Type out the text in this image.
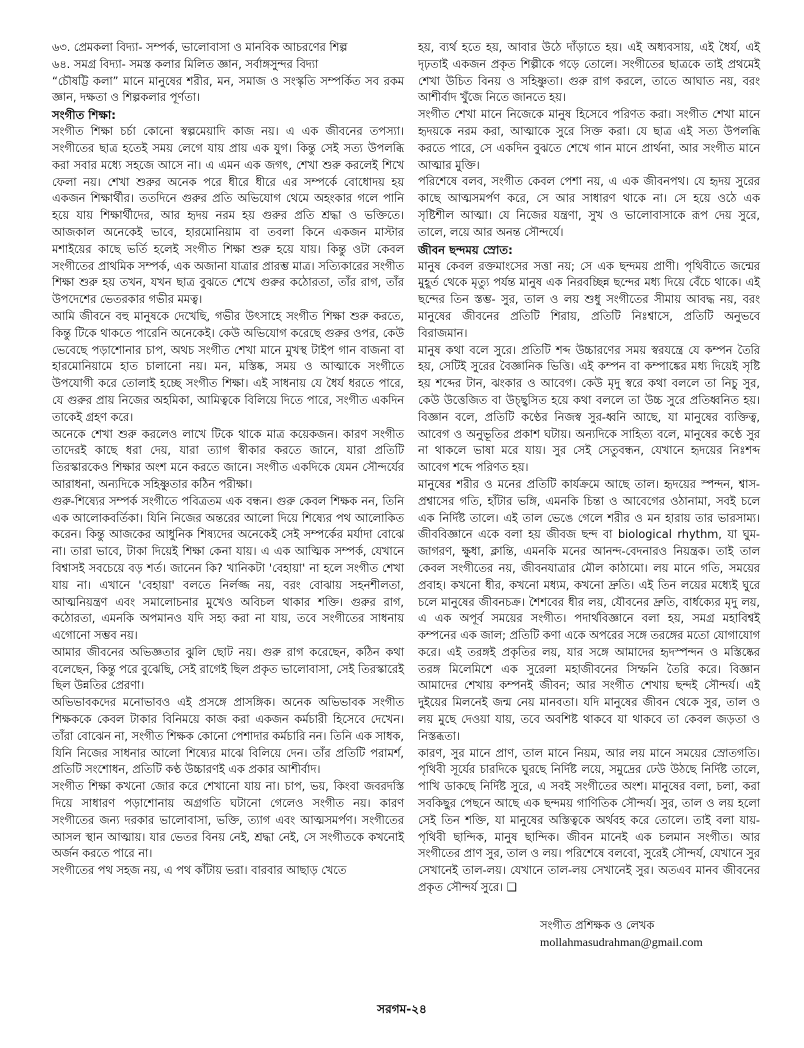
৬৩. প্রেমকলা বিদ্যা- সম্পর্ক, ভালোবাসা ও মানবিক আচরণের শিল্প

৬৪. সমগ্র বিদ্যা- সমস্ত কলার মিলিত জ্ঞান, সর্বাঙ্গসুন্দর বিদ্যা

“চৌষট্টি কলা” মানে মানুষের শরীর, মন, সমাজ ও সংস্কৃতি সম্পর্কিত সব রকম জ্ঞান, দক্ষতা ও শিল্পকলার পূর্ণতা।

সংগীত শিক্ষা:

সংগীত শিক্ষা চর্চা কোনো স্বল্পমেয়াদি কাজ নয়। এ এক জীবনের তপস্যা। সংগীতের ছাত্র হতেই সময় লেগে যায় প্রায় এক যুগ। কিন্তু সেই সত্য উপলব্ধি করা সবার মধ্যে সহজে আসে না। এ এমন এক জগৎ, শেখা শুরু করলেই শিখে ফেলা নয়। শেখা শুরুর অনেক পরে ধীরে ধীরে এর সম্পর্কে বোধোদয় হয় একজন শিক্ষার্থীর। ততদিনে গুরুর প্রতি অভিযোগ থেমে অহংকার গলে পানি হয়ে যায় শিক্ষার্থীদের, আর হৃদয় নরম হয় গুরুর প্রতি শ্রদ্ধা ও ভক্তিতে। আজকাল অনেকেই ভাবে, হারমোনিয়াম বা তবলা কিনে একজন মাস্টার মশাইয়ের কাছে ভর্তি হলেই সংগীত শিক্ষা শুরু হয়ে যায়। কিন্তু ওটা কেবল সংগীতের প্রাথমিক সম্পর্ক, এক অজানা যাত্রার প্রারম্ভ মাত্র। সত্যিকারের সংগীত শিক্ষা শুরু হয় তখন, যখন ছাত্র বুঝতে শেখে গুরুর কঠোরতা, তাঁর রাগ, তাঁর উপদেশের ভেতরকার গভীর মমত্ব।

আমি জীবনে বহু মানুষকে দেখেছি, গভীর উৎসাহে সংগীত শিক্ষা শুরু করতে, কিন্তু টিকে থাকতে পারেনি অনেকেই। কেউ অভিযোগ করেছে গুরুর ওপর, কেউ ভেবেছে পড়াশোনার চাপ, অথচ সংগীত শেখা মানে মুখস্থ টাইপ গান বাজনা বা হারমোনিয়ামে হাত চালানো নয়। মন, মস্তিষ্ক, সময় ও আত্মাকে সংগীতে উপযোগী করে তোলাই হচ্ছে সংগীত শিক্ষা। এই সাধনায় যে ধৈর্য ধরতে পারে, যে গুরুর প্রায় নিজের অহমিকা, আমিত্বকে বিলিয়ে দিতে পারে, সংগীত একদিন তাকেই গ্রহণ করে।

অনেকে শেখা শুরু করলেও লাখে টিকে থাকে মাত্র কয়েকজন। কারণ সংগীত তাদেরই কাছে ধরা দেয়, যারা ত্যাগ স্বীকার করতে জানে, যারা প্রতিটি তিরস্কারকেও শিক্ষার অংশ মনে করতে জানে। সংগীত একদিকে যেমন সৌন্দর্যের আরাধনা, অন্যদিকে সহিষ্ণুতার কঠিন পরীক্ষা।

গুরু-শিষ্যের সম্পর্ক সংগীতে পবিত্রতম এক বন্ধন। গুরু কেবল শিক্ষক নন, তিনি এক আলোকবর্তিকা। যিনি নিজের অন্তরের আলো দিয়ে শিষ্যের পথ আলোকিত করেন। কিন্তু আজকের আধুনিক শিষ্যদের অনেকেই সেই সম্পর্কের মর্যাদা বোঝে না। তারা ভাবে, টাকা দিয়েই শিক্ষা কেনা যায়। এ এক আত্মিক সম্পর্ক, যেখানে বিশ্বাসই সবচেয়ে বড় শর্ত। জানেন কি? খানিকটা 'বেহায়া' না হলে সংগীত শেখা যায় না। এখানে 'বেহায়া' বলতে নির্লজ্জ নয়, বরং বোঝায় সহনশীলতা, আত্মনিয়ন্ত্রণ এবং সমালোচনার মুখেও অবিচল থাকার শক্তি। গুরুর রাগ, কঠোরতা, এমনকি অপমানও যদি সহ্য করা না যায়, তবে সংগীতের সাধনায় এগোনো সম্ভব নয়।

আমার জীবনের অভিজ্ঞতার ঝুলি ছোট নয়। গুরু রাগ করেছেন, কঠিন কথা বলেছেন, কিন্তু পরে বুঝেছি, সেই রাগেই ছিল প্রকৃত ভালোবাসা, সেই তিরস্কারেই ছিল উন্নতির প্রেরণা।

অভিভাবকদের মনোভাবও এই প্রসঙ্গে প্রাসঙ্গিক। অনেক অভিভাবক সংগীত শিক্ষককে কেবল টাকার বিনিময়ে কাজ করা একজন কর্মচারী হিসেবে দেখেন। তাঁরা বোঝেন না, সংগীত শিক্ষক কোনো পেশাদার কর্মচারি নন। তিনি এক সাধক, যিনি নিজের সাধনার আলো শিষ্যের মাঝে বিলিয়ে দেন। তাঁর প্রতিটি পরামর্শ, প্রতিটি সংশোধন, প্রতিটি কণ্ঠ উচ্চারণই এক প্রকার আশীর্বাদ।

সংগীত শিক্ষা কখনো জোর করে শেখানো যায় না। চাপ, ভয়, কিংবা জবরদস্তি দিয়ে সাধারণ পড়াশোনায় অগ্রগতি ঘটানো গেলেও সংগীত নয়। কারণ সংগীতের জন্য দরকার ভালোবাসা, ভক্তি, ত্যাগ এবং আত্মসমর্পণ। সংগীতের আসল স্থান আত্মায়। যার ভেতর বিনয় নেই, শ্রদ্ধা নেই, সে সংগীতকে কখনোই অর্জন করতে পারে না।

সংগীতের পথ সহজ নয়, এ পথ কাঁটায় ভরা। বারবার আছাড় খেতে

হয়, ব্যর্থ হতে হয়, আবার উঠে দাঁড়াতে হয়। এই অধ্যবসায়, এই ধৈর্য, এই দৃঢ়তাই একজন প্রকৃত শিল্পীকে গড়ে তোলে। সংগীতের ছাত্রকে তাই প্রথমেই শেখা উচিত বিনয় ও সহিষ্ণুতা। গুরু রাগ করলে, তাতে আঘাত নয়, বরং আশীর্বাদ খুঁজে নিতে জানতে হয়।

সংগীত শেখা মানে নিজেকে মানুষ হিসেবে পরিণত করা। সংগীত শেখা মানে হৃদয়কে নরম করা, আত্মাকে সুরে সিক্ত করা। যে ছাত্র এই সত্য উপলব্ধি করতে পারে, সে একদিন বুঝতে শেখে গান মানে প্রার্থনা, আর সংগীত মানে আত্মার মুক্তি।

পরিশেষে বলব, সংগীত কেবল পেশা নয়, এ এক জীবনপথ। যে হৃদয় সুরের কাছে আত্মসমর্পণ করে, সে আর সাধারণ থাকে না। সে হয়ে ওঠে এক সৃষ্টিশীল আত্মা। যে নিজের যন্ত্রণা, সুখ ও ভালোবাসাকে রূপ দেয় সুরে, তালে, লয়ে আর অনন্ত সৌন্দর্যে।

জীবন ছন্দময় স্রোত:

মানুষ কেবল রক্তমাংসের সত্তা নয়; সে এক ছন্দময় প্রাণী। পৃথিবীতে জন্মের মুহূর্ত থেকে মৃত্যু পর্যন্ত মানুষ এক নিরবচ্ছিন্ন ছন্দের মধ্য দিয়ে বেঁচে থাকে। এই ছন্দের তিন স্তম্ভ- সুর, তাল ও লয় শুধু সংগীতের সীমায় আবদ্ধ নয়, বরং মানুষের জীবনের প্রতিটি শিরায়, প্রতিটি নিঃশ্বাসে, প্রতিটি অনুভবে বিরাজমান।

মানুষ কথা বলে সুরে। প্রতিটি শব্দ উচ্চারণের সময় স্বরযন্ত্রে যে কম্পন তৈরি হয়, সেটিই সুরের বৈজ্ঞানিক ভিত্তি। এই কম্পন বা কম্পাঙ্কের মধ্য দিয়েই সৃষ্টি হয় শব্দের টান, ঝংকার ও আবেগ। কেউ মৃদু স্বরে কথা বললে তা নিচু সুর, কেউ উত্তেজিত বা উচ্ছ্বসিত হয়ে কথা বললে তা উচ্চ সুরে প্রতিধ্বনিত হয়। বিজ্ঞান বলে, প্রতিটি কণ্ঠের নিজস্ব সুর-ধ্বনি আছে, যা মানুষের ব্যক্তিত্ব, আবেগ ও অনুভূতির প্রকাশ ঘটায়। অন্যদিকে সাহিত্য বলে, মানুষের কণ্ঠে সুর না থাকলে ভাষা মরে যায়। সুর সেই সেতুবন্ধন, যেখানে হৃদয়ের নিঃশব্দ আবেগ শব্দে পরিণত হয়।

মানুষের শরীর ও মনের প্রতিটি কার্যক্রমে আছে তাল। হৃদয়ের স্পন্দন, শ্বাস-প্রশ্বাসের গতি, হাঁটার ভঙ্গি, এমনকি চিন্তা ও আবেগের ওঠানামা, সবই চলে এক নির্দিষ্ট তালে। এই তাল ভেঙে গেলে শরীর ও মন হারায় তার ভারসাম্য। জীববিজ্ঞানে একে বলা হয় জীবজ ছন্দ বা biological rhythm, যা ঘুম-জাগরণ, ক্ষুধা, ক্লান্তি, এমনকি মনের আনন্দ-বেদনারও নিয়ন্ত্রক। তাই তাল কেবল সংগীতের নয়, জীবনযাত্রার মৌল কাঠামো। লয় মানে গতি, সময়ের প্রবাহ। কখনো ধীর, কখনো মধ্যম, কখনো দ্রুতি। এই তিন লয়ের মধ্যেই ঘুরে চলে মানুষের জীবনচক্র। শৈশবের ধীর লয়, যৌবনের দ্রুতি, বার্ধক্যের মৃদু লয়, এ এক অপূর্ব সময়ের সংগীত। পদার্থবিজ্ঞানে বলা হয়, সমগ্র মহাবিশ্বই কম্পনের এক জাল; প্রতিটি কণা একে অপরের সঙ্গে তরঙ্গের মতো যোগাযোগ করে। এই তরঙ্গই প্রকৃতির লয়, যার সঙ্গে আমাদের হৃদস্পন্দন ও মস্তিষ্কের তরঙ্গ মিলেমিশে এক সুরেলা মহাজীবনের সিম্ফনি তৈরি করে। বিজ্ঞান আমাদের শেখায় কম্পনই জীবন; আর সংগীত শেখায় ছন্দই সৌন্দর্য। এই দুইয়ের মিলনেই জন্ম নেয় মানবতা। যদি মানুষের জীবন থেকে সুর, তাল ও লয় মুছে দেওয়া যায়, তবে অবশিষ্ট থাকবে যা থাকবে তা কেবল জড়তা ও নিস্তব্ধতা।

কারণ, সুর মানে প্রাণ, তাল মানে নিয়ম, আর লয় মানে সময়ের স্রোতগতি। পৃথিবী সূর্যের চারদিকে ঘুরছে নির্দিষ্ট লয়ে, সমুদ্রের ঢেউ উঠছে নির্দিষ্ট তালে, পাখি ডাকছে নির্দিষ্ট সুরে, এ সবই সংগীতের অংশ। মানুষের বলা, চলা, করা সবকিছুর পেছনে আছে এক ছন্দময় গাণিতিক সৌন্দর্য। সুর, তাল ও লয় হলো সেই তিন শক্তি, যা মানুষের অস্তিত্বকে অর্থবহ করে তোলে। তাই বলা যায়- পৃথিবী ছান্দিক, মানুষ ছান্দিক। জীবন মানেই এক চলমান সংগীত। আর সংগীতের প্রাণ সুর, তাল ও লয়। পরিশেষে বলবো, সুরেই সৌন্দর্য, যেখানে সুর সেখানেই তাল-লয়। যেখানে তাল-লয় সেখানেই সুর। অতএব মানব জীবনের প্রকৃত সৌন্দর্য সুরে। ❑

সংগীত প্রশিক্ষক ও লেখক
mollahmasudrahman@gmail.com
সরগম-২৪
